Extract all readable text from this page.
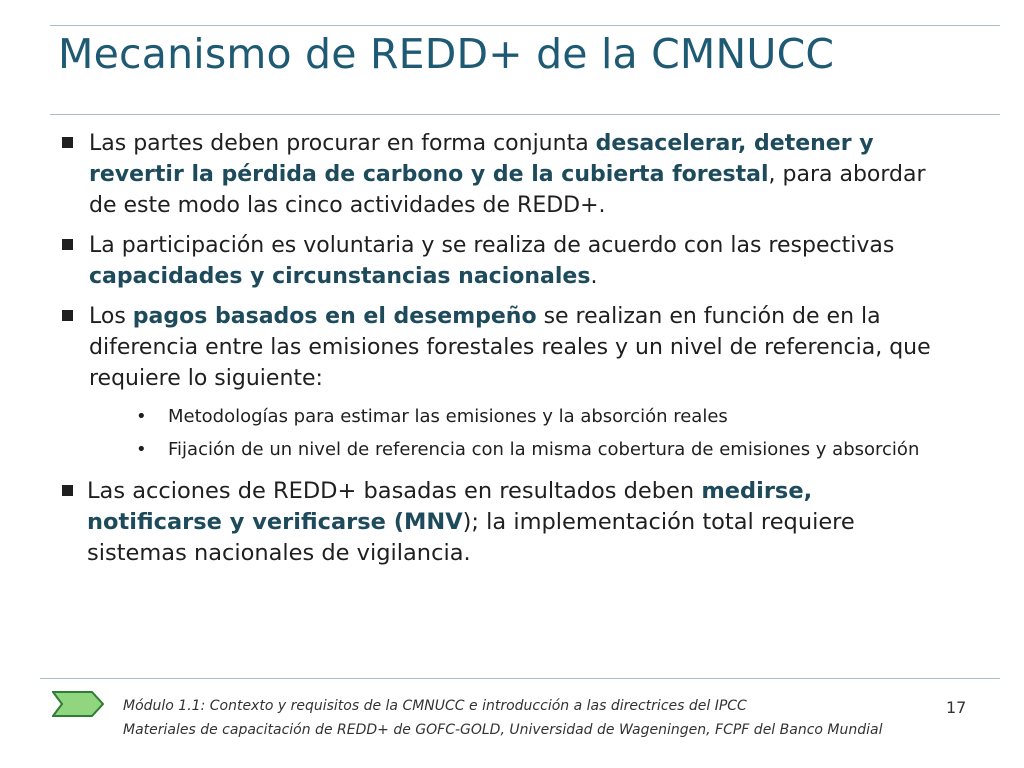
Mecanismo de REDD+ de la CMNUCC
Las partes deben procurar en forma conjunta desacelerar, detener y revertir la pérdida de carbono y de la cubierta forestal, para abordar de este modo las cinco actividades de REDD+.
La participación es voluntaria y se realiza de acuerdo con las respectivas capacidades y circunstancias nacionales.
Los pagos basados en el desempeño se realizan en función de en la diferencia entre las emisiones forestales reales y un nivel de referencia, que requiere lo siguiente:
• Metodologías para estimar las emisiones y la absorción reales
• Fijación de un nivel de referencia con la misma cobertura de emisiones y absorción
Las acciones de REDD+ basadas en resultados deben medirse, notificarse y verificarse (MNV); la implementación total requiere sistemas nacionales de vigilancia.
Módulo 1.1: Contexto y requisitos de la CMNUCC e introducción a las directrices del IPCC
Materiales de capacitación de REDD+ de GOFC-GOLD, Universidad de Wageningen, FCPF del Banco Mundial
17
